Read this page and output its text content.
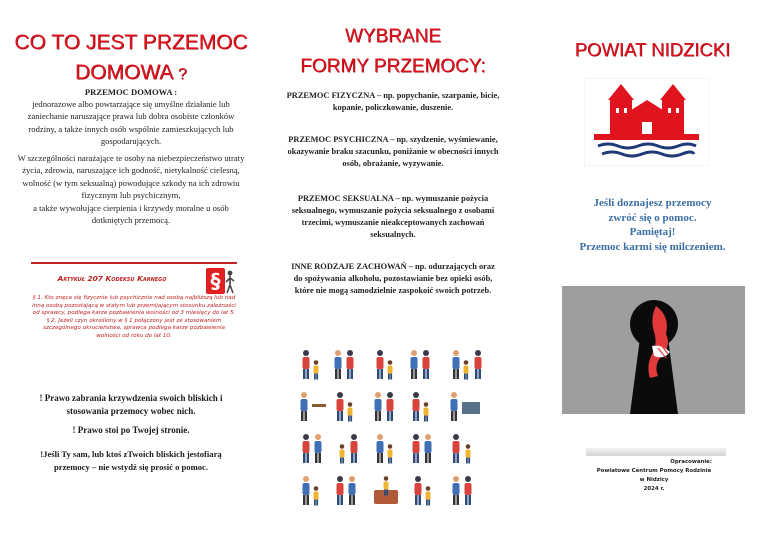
CO TO JEST PRZEMOC
DOMOWA ?
PRZEMOC DOMOWA :

jednorazowe albo powtarzające się umyślne działanie lub zaniechanie naruszające prawa lub dobra osobiste członków rodziny, a także innych osób wspólnie zamieszkujących lub gospodarujących.

W szczególności narażające te osoby na niebezpieczeństwo utraty życia, zdrowia, naruszające ich godność, nietykalność cielesną, wolność (w tym seksualną) powodujące szkody na ich zdrowiu fizycznym lub psychicznym,

a także wywołujące cierpienia i krzywdy moralne u osób dotkniętych przemocą.

Artykuł 207 Kodeksu Karnego	§

§ 1. Kto znęca się fizycznie lub psychicznie nad osobą najbliższą lub nad inną osobą pozostającą w stałym lub przemijającym stosunku zależności od sprawcy, podlega karze pozbawienia wolności od 3 miesięcy do lat 5.

§ 2. Jeżeli czyn określony w § 1 połączony jest ze stosowaniem szczególnego okrucieństwa, sprawca podlega karze pozbawienia wolności od roku do lat 10.

! Prawo zabrania krzywdzenia swoich bliskich i stosowania przemocy wobec nich.

! Prawo stoi po Twojej stronie.

!Jeśli Ty sam, lub ktoś zTwoich bliskich jestofiarą przemocy – nie wstydź się prosić o pomoc.

WYBRANE
FORMY PRZEMOCY:

PRZEMOC FIZYCZNA – np. popychanie, szarpanie, bicie, kopanie, policzkowanie, duszenie.

PRZEMOC PSYCHICZNA – np. szydzenie, wyśmiewanie, okazywanie braku szacunku, poniżanie w obecności innych osób, obrażanie, wyzywanie.

PRZEMOC SEKSUALNA – np. wymuszanie pożycia seksualnego, wymuszanie pożycia seksualnego z osobami trzecimi, wymuszanie nieakceptowanych zachowań seksualnych.

INNE RODZAJE ZACHOWAŃ – np. odurzających oraz do spożywania alkoholu, pozostawianie bez opieki osób, które nie mogą samodzielnie zaspokoić swoich potrzeb.

POWIAT NIDZICKI
Jeśli doznajesz przemocy
zwróć się o pomoc.
Pamiętaj!
Przemoc karmi się milczeniem.
Opracowanie:
Powiatowe Centrum Pomocy Rodzinie
w Nidzicy
2024 r.
